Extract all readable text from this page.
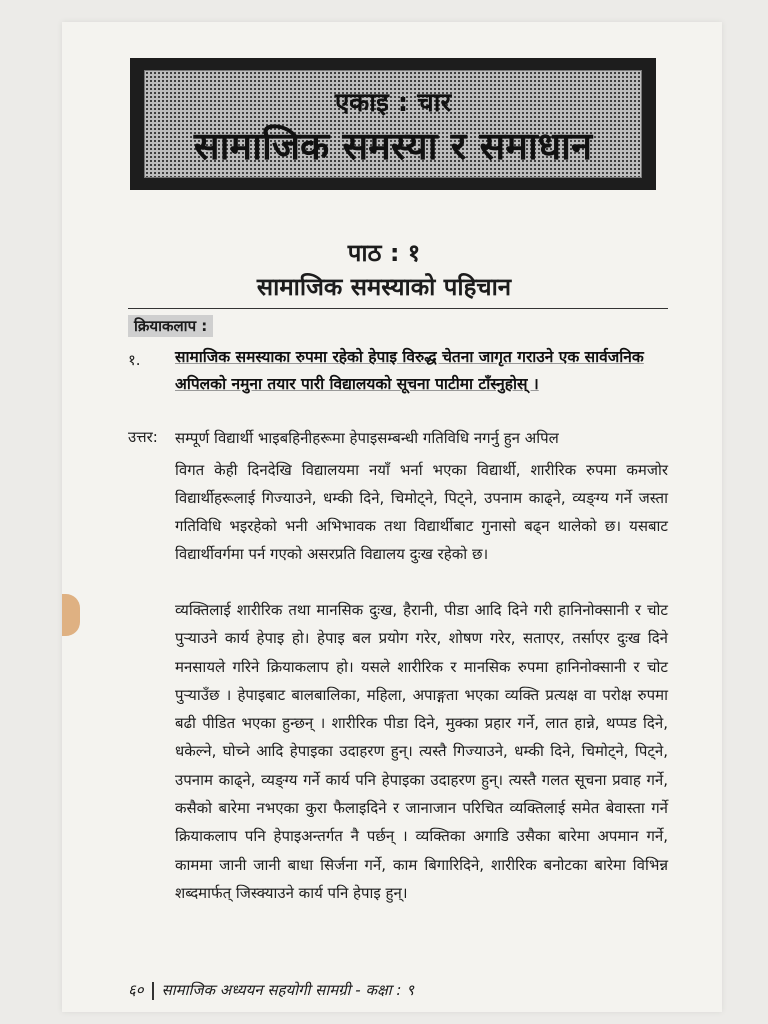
एकाइ : चार
सामाजिक समस्या र समाधान
पाठ : १
सामाजिक समस्याको पहिचान
क्रियाकलाप :
१. सामाजिक समस्याका रुपमा रहेको हेपाइ विरुद्ध चेतना जागृत गराउने एक सार्वजनिक अपिलको नमुना तयार पारी विद्यालयको सूचना पाटीमा टाँस्नुहोस् ।
उत्तर: सम्पूर्ण विद्यार्थी भाइबहिनीहरूमा हेपाइसम्बन्धी गतिविधि नगर्नु हुन अपिल
विगत केही दिनदेखि विद्यालयमा नयाँ भर्ना भएका विद्यार्थी, शारीरिक रुपमा कमजोर विद्यार्थीहरूलाई गिज्याउने, धम्की दिने, चिमोट्ने, पिट्ने, उपनाम काढ्ने, व्यङ्ग्य गर्ने जस्ता गतिविधि भइरहेको भनी अभिभावक तथा विद्यार्थीबाट गुनासो बढ्न थालेको छ। यसबाट विद्यार्थीवर्गमा पर्न गएको असरप्रति विद्यालय दुःख रहेको छ।
व्यक्तिलाई शारीरिक तथा मानसिक दुःख, हैरानी, पीडा आदि दिने गरी हानिनोक्सानी र चोट पुऱ्याउने कार्य हेपाइ हो। हेपाइ बल प्रयोग गरेर, शोषण गरेर, सताएर, तर्साएर दुःख दिने मनसायले गरिने क्रियाकलाप हो। यसले शारीरिक र मानसिक रुपमा हानिनोक्सानी र चोट पुऱ्याउँछ । हेपाइबाट बालबालिका, महिला, अपाङ्गता भएका व्यक्ति प्रत्यक्ष वा परोक्ष रुपमा बढी पीडित भएका हुन्छन् । शारीरिक पीडा दिने, मुक्का प्रहार गर्ने, लात हान्ने, थप्पड दिने, धकेल्ने, घोच्ने आदि हेपाइका उदाहरण हुन्। त्यस्तै गिज्याउने, धम्की दिने, चिमोट्ने, पिट्ने, उपनाम काढ्ने, व्यङ्ग्य गर्ने कार्य पनि हेपाइका उदाहरण हुन्। त्यस्तै गलत सूचना प्रवाह गर्ने, कसैको बारेमा नभएका कुरा फैलाइदिने र जानाजान परिचित व्यक्तिलाई समेत बेवास्ता गर्ने क्रियाकलाप पनि हेपाइअन्तर्गत नै पर्छन् । व्यक्तिका अगाडि उसैका बारेमा अपमान गर्ने, काममा जानी जानी बाधा सिर्जना गर्ने, काम बिगारिदिने, शारीरिक बनोटका बारेमा विभिन्न शब्दमार्फत् जिस्क्याउने कार्य पनि हेपाइ हुन्।
६० सामाजिक अध्ययन सहयोगी सामग्री - कक्षा : ९
